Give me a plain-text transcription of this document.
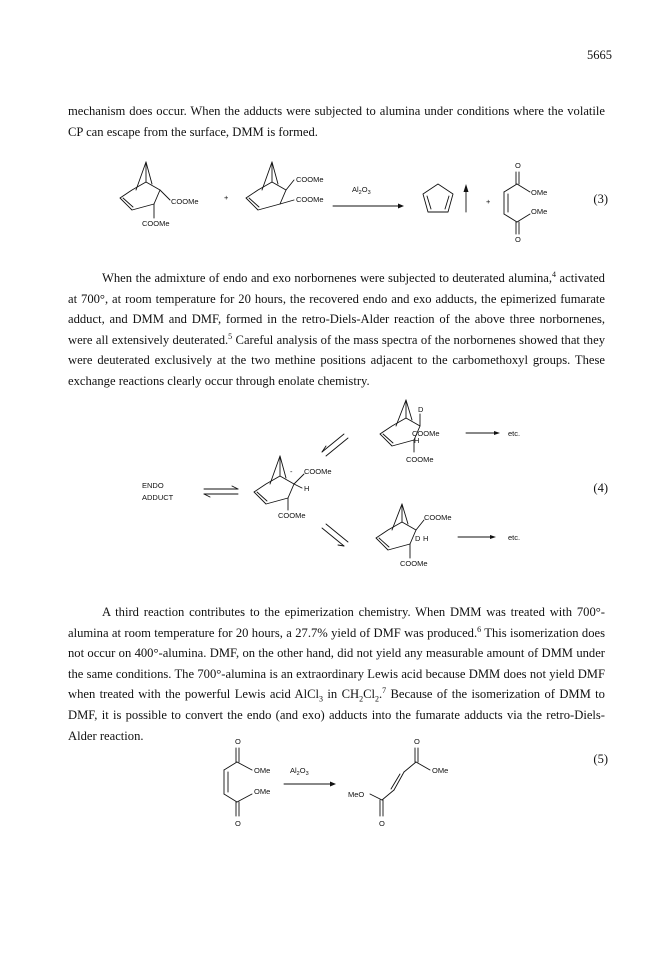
5665

mechanism does occur. When the adducts were subjected to alumina under conditions where the volatile CP can escape from the surface, DMM is formed.

COOMe
COOMe
+
COOMe
COOMe
$Al_2O_3$
+
O
OMe
OMe
O
(3)

When the admixture of endo and exo norbornenes were subjected to deuterated alumina,$^4$ activated at 700°, at room temperature for 20 hours, the recovered endo and exo adducts, the epimerized fumarate adduct, and DMM and DMF, formed in the retro-Diels-Alder reaction of the above three norbornenes, were all extensively deuterated.$^5$ Careful analysis of the mass spectra of the norbornenes showed that they were deuterated exclusively at the two methine positions adjacent to the carbomethoxyl groups. These exchange reactions clearly occur through enolate chemistry.

ENDO
ADDUCT
- COOMe
H
COOMe
D
COOMe
H
COOMe
etc.
COOMe
D H
COOMe
etc.
(4)

A third reaction contributes to the epimerization chemistry. When DMM was treated with 700°-alumina at room temperature for 20 hours, a 27.7% yield of DMF was produced.$^6$ This isomerization does not occur on 400°-alumina. DMF, on the other hand, did not yield any measurable amount of DMM under the same conditions. The 700°-alumina is an extraordinary Lewis acid because DMM does not yield DMF when treated with the powerful Lewis acid AlCl$_3$ in $CH_2Cl_2.^7$ Because of the isomerization of DMM to DMF, it is possible to convert the endo (and exo) adducts into the fumarate adducts via the retro-Diels-Alder reaction.	O
OMe
OMe
O
$Al_2O_3$
O
OMe
MeO
O
(5)
